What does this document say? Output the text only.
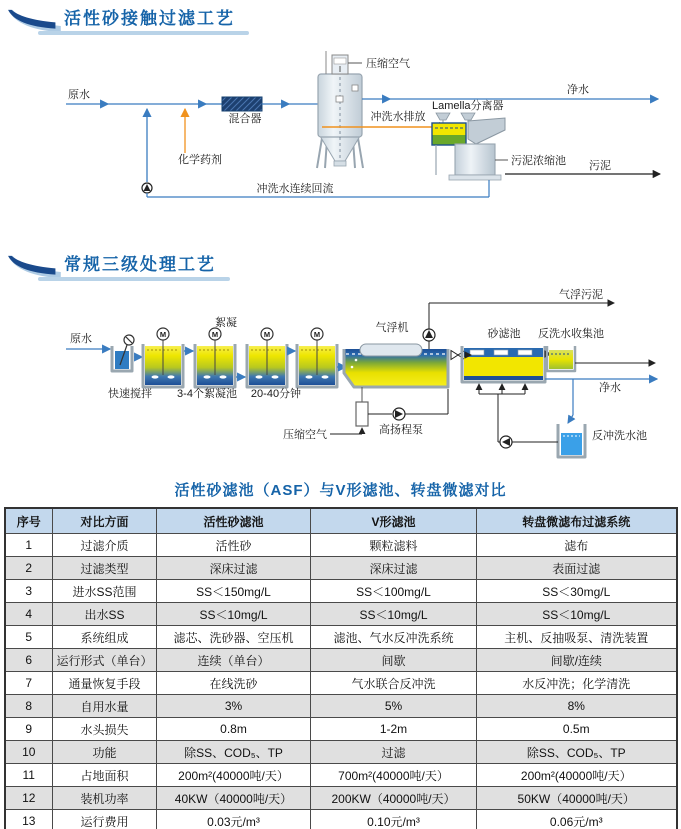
活性砂接触过滤工艺
原水
化学药剂
混合器
压缩空气
净水
冲洗水排放
Lamella分离器
污泥浓缩池 污泥
冲洗水连续回流
常规三级处理工艺
原水
快速搅拌
M	M	M	M
絮凝
3-4个絮凝池 20-40分钟
气浮机
气浮污泥
砂滤池 反洗水收集池
净水
反冲洗水池
压缩空气	高扬程泵
活性砂滤池（ASF）与V形滤池、转盘微滤对比
序号	对比方面	活性砂滤池	V形滤池	转盘微滤布过滤系统
1	过滤介质	活性砂	颗粒滤料	滤布
2	过滤类型	深床过滤	深床过滤	表面过滤
3	进水SS范围	SS＜150mg/L	SS＜100mg/L	SS＜30mg/L
4	出水SS	SS＜10mg/L	SS＜10mg/L	SS＜10mg/L
5	系统组成	滤芯、洗砂器、空压机	滤池、气水反冲洗系统	主机、反抽吸泵、清洗装置
6	运行形式（单台）	连续（单台）	间歇	间歇/连续
7	通量恢复手段	在线洗砂	气水联合反冲洗	水反冲洗；化学清洗
8	自用水量	3%	5%	8%
9	水头损失	0.8m	1-2m	0.5m
10	功能	除SS、COD₅、TP	过滤	除SS、COD₅、TP
11	占地面积	200m²(40000吨/天）	700m²(40000吨/天）	200m²(40000吨/天）
12	装机功率	40KW（40000吨/天）	200KW（40000吨/天）	50KW（40000吨/天）
13	运行费用	0.03元/m³	0.10元/m³	0.06元/m³
